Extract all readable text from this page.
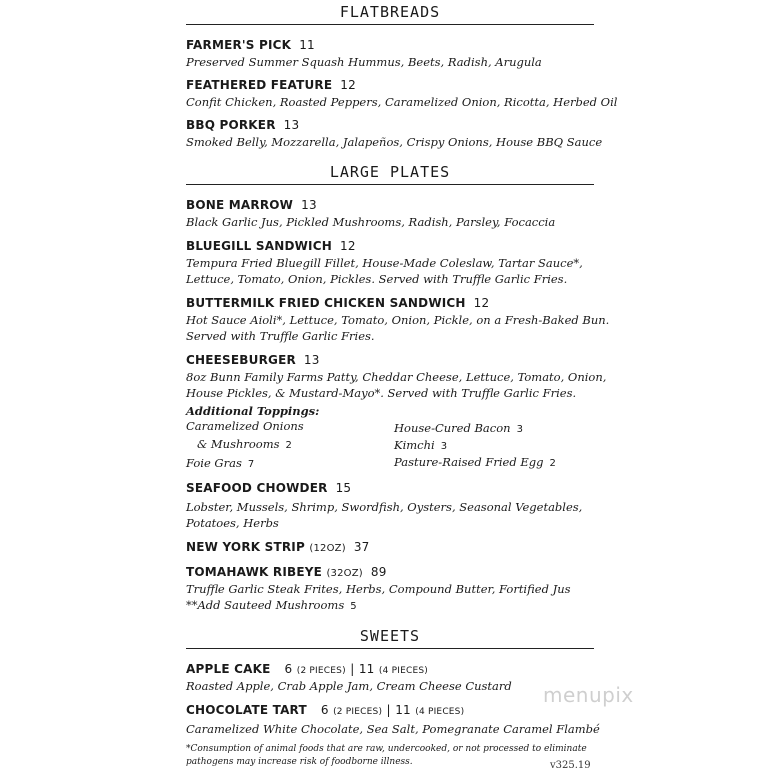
FLATBREADS
FARMER'S PICK 11
Preserved Summer Squash Hummus, Beets, Radish, Arugula
FEATHERED FEATURE 12
Confit Chicken, Roasted Peppers, Caramelized Onion, Ricotta, Herbed Oil
BBQ PORKER 13
Smoked Belly, Mozzarella, Jalapeños, Crispy Onions, House BBQ Sauce
LARGE PLATES
BONE MARROW 13
Black Garlic Jus, Pickled Mushrooms, Radish, Parsley, Focaccia
BLUEGILL SANDWICH 12
Tempura Fried Bluegill Fillet, House-Made Coleslaw, Tartar Sauce*,
Lettuce, Tomato, Onion, Pickles. Served with Truffle Garlic Fries.
BUTTERMILK FRIED CHICKEN SANDWICH 12
Hot Sauce Aioli*, Lettuce, Tomato, Onion, Pickle, on a Fresh-Baked Bun.
Served with Truffle Garlic Fries.
CHEESEBURGER 13
8oz Bunn Family Farms Patty, Cheddar Cheese, Lettuce, Tomato, Onion,
House Pickles, & Mustard-Mayo*. Served with Truffle Garlic Fries.
Additional Toppings:
Caramelized Onions
& Mushrooms 2
Foie Gras 7
House-Cured Bacon 3
Kimchi 3
Pasture-Raised Fried Egg 2
SEAFOOD CHOWDER 15
Lobster, Mussels, Shrimp, Swordfish, Oysters, Seasonal Vegetables,
Potatoes, Herbs
NEW YORK STRIP (12OZ) 37
TOMAHAWK RIBEYE (32OZ) 89
Truffle Garlic Steak Frites, Herbs, Compound Butter, Fortified Jus
**Add Sauteed Mushrooms 5
SWEETS
APPLE CAKE 6 (2 PIECES) | 11 (4 PIECES)
Roasted Apple, Crab Apple Jam, Cream Cheese Custard
CHOCOLATE TART 6 (2 PIECES) | 11 (4 PIECES)
Caramelized White Chocolate, Sea Salt, Pomegranate Caramel Flambé
*Consumption of animal foods that are raw, undercooked, or not processed to eliminate
pathogens may increase risk of foodborne illness.	v325.19
menupix
